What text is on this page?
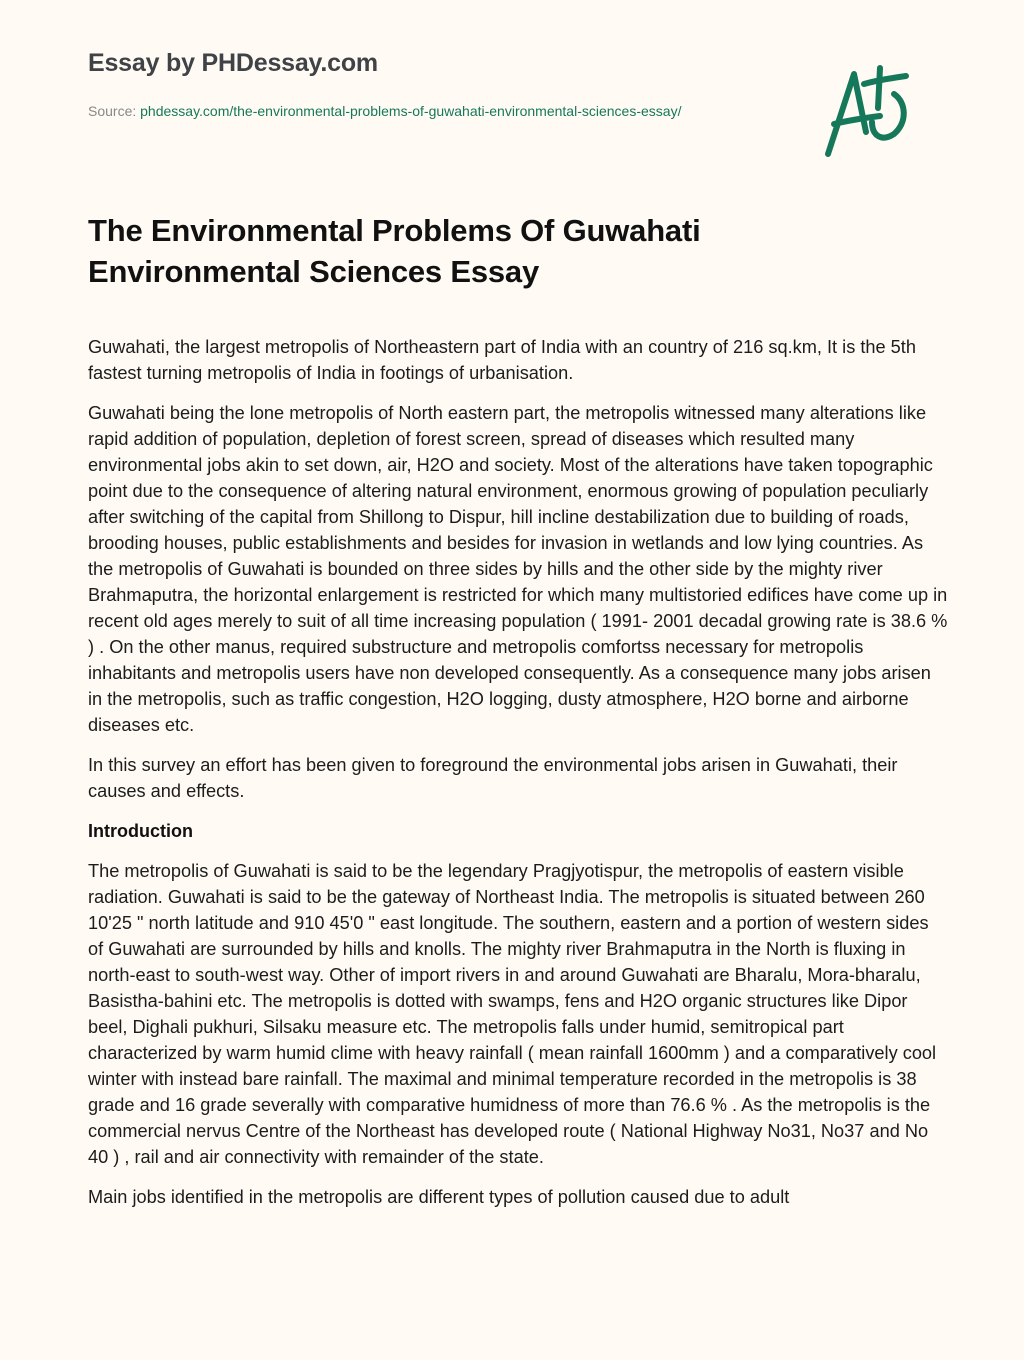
Essay by PHDessay.com
Source: phdessay.com/the-environmental-problems-of-guwahati-environmental-sciences-essay/
The Environmental Problems Of Guwahati Environmental Sciences Essay

Guwahati, the largest metropolis of Northeastern part of India with an country of 216 sq.km, It is the 5th fastest turning metropolis of India in footings of urbanisation.

Guwahati being the lone metropolis of North eastern part, the metropolis witnessed many alterations like rapid addition of population, depletion of forest screen, spread of diseases which resulted many environmental jobs akin to set down, air, H2O and society. Most of the alterations have taken topographic point due to the consequence of altering natural environment, enormous growing of population peculiarly after switching of the capital from Shillong to Dispur, hill incline destabilization due to building of roads, brooding houses, public establishments and besides for invasion in wetlands and low lying countries. As the metropolis of Guwahati is bounded on three sides by hills and the other side by the mighty river Brahmaputra, the horizontal enlargement is restricted for which many multistoried edifices have come up in recent old ages merely to suit of all time increasing population ( 1991- 2001 decadal growing rate is 38.6 % ) . On the other manus, required substructure and metropolis comfortss necessary for metropolis inhabitants and metropolis users have non developed consequently. As a consequence many jobs arisen in the metropolis, such as traffic congestion, H2O logging, dusty atmosphere, H2O borne and airborne diseases etc.

In this survey an effort has been given to foreground the environmental jobs arisen in Guwahati, their causes and effects.

Introduction

The metropolis of Guwahati is said to be the legendary Pragjyotispur, the metropolis of eastern visible radiation. Guwahati is said to be the gateway of Northeast India. The metropolis is situated between 260 10'25 " north latitude and 910 45'0 " east longitude. The southern, eastern and a portion of western sides of Guwahati are surrounded by hills and knolls. The mighty river Brahmaputra in the North is fluxing in north-east to south-west way. Other of import rivers in and around Guwahati are Bharalu, Mora-bharalu, Basistha-bahini etc. The metropolis is dotted with swamps, fens and H2O organic structures like Dipor beel, Dighali pukhuri, Silsaku measure etc. The metropolis falls under humid, semitropical part characterized by warm humid clime with heavy rainfall ( mean rainfall 1600mm ) and a comparatively cool winter with instead bare rainfall. The maximal and minimal temperature recorded in the metropolis is 38 grade and 16 grade severally with comparative humidness of more than 76.6 % . As the metropolis is the commercial nervus Centre of the Northeast has developed route ( National Highway No31, No37 and No 40 ) , rail and air connectivity with remainder of the state.

Main jobs identified in the metropolis are different types of pollution caused due to adult
